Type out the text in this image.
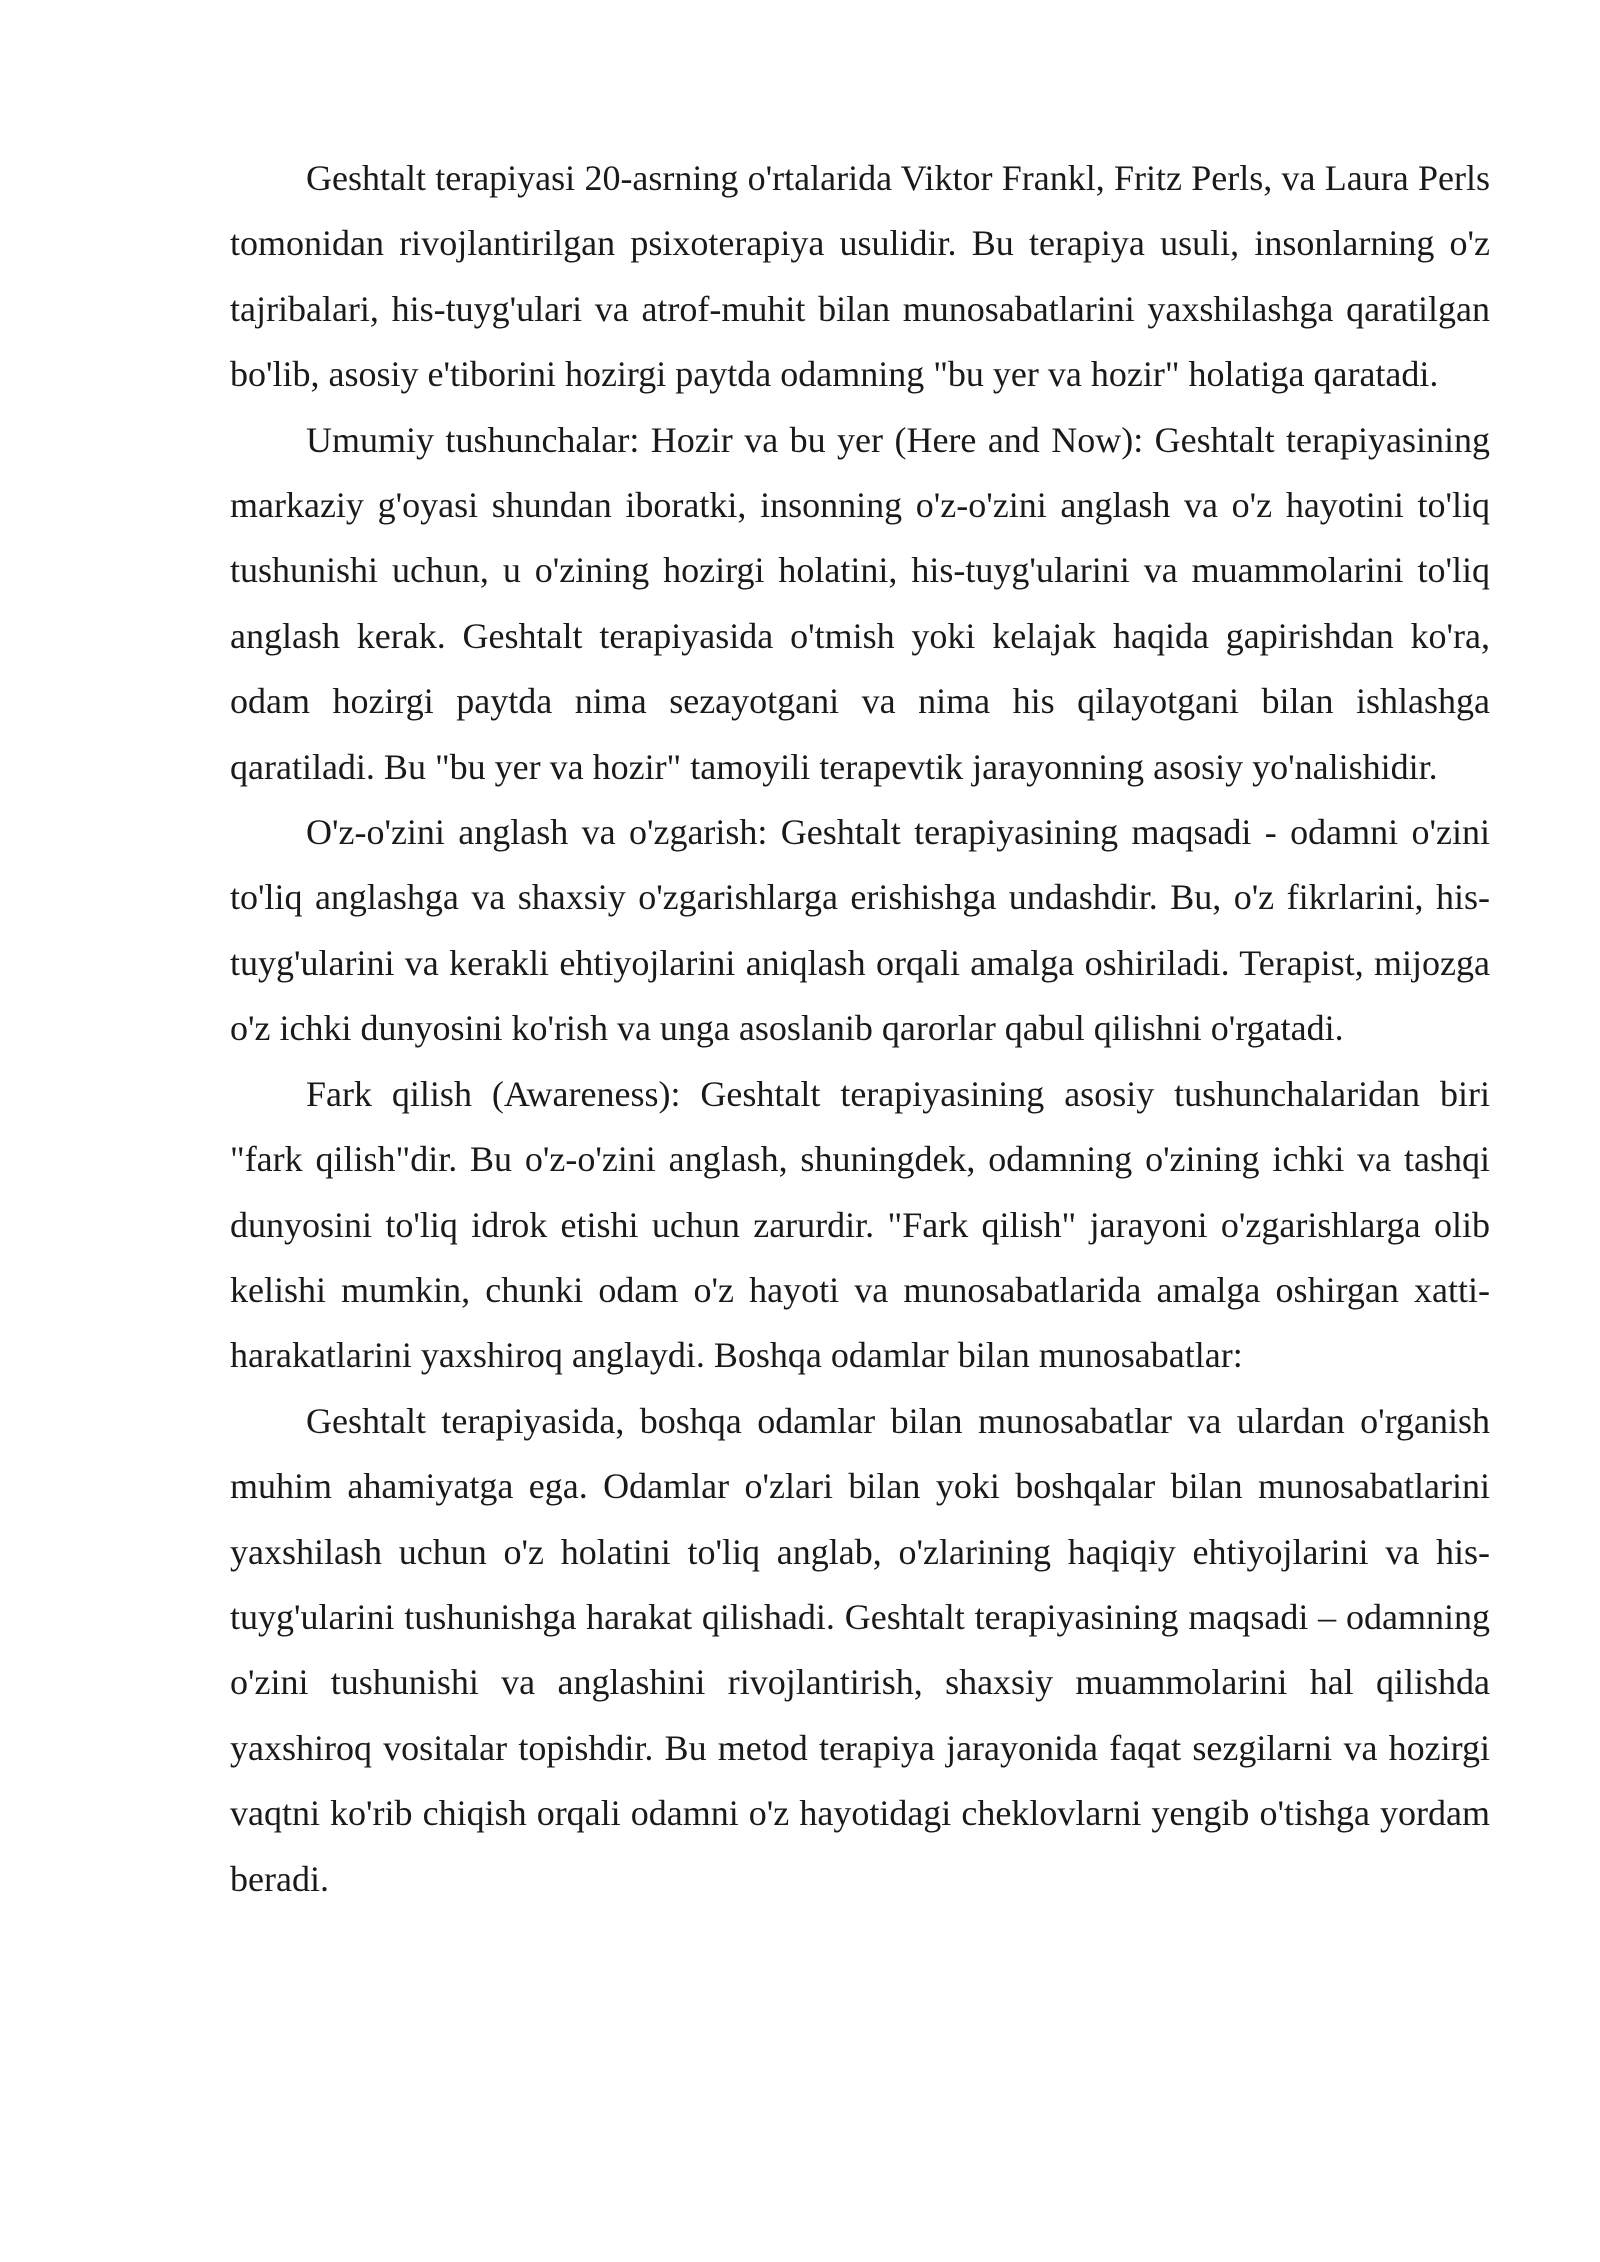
Geshtalt terapiyasi 20-asrning o'rtalarida Viktor Frankl, Fritz Perls, va Laura Perls tomonidan rivojlantirilgan psixoterapiya usulidir. Bu terapiya usuli, insonlarning o'z tajribalari, his-tuyg'ulari va atrof-muhit bilan munosabatlarini yaxshilashga qaratilgan bo'lib, asosiy e'tiborini hozirgi paytda odamning "bu yer va hozir" holatiga qaratadi.

Umumiy tushunchalar: Hozir va bu yer (Here and Now): Geshtalt terapiyasining markaziy g'oyasi shundan iboratki, insonning o'z-o'zini anglash va o'z hayotini to'liq tushunishi uchun, u o'zining hozirgi holatini, his-tuyg'ularini va muammolarini to'liq anglash kerak. Geshtalt terapiyasida o'tmish yoki kelajak haqida gapirishdan ko'ra, odam hozirgi paytda nima sezayotgani va nima his qilayotgani bilan ishlashga qaratiladi. Bu "bu yer va hozir" tamoyili terapevtik jarayonning asosiy yo'nalishidir.

O'z-o'zini anglash va o'zgarish: Geshtalt terapiyasining maqsadi - odamni o'zini to'liq anglashga va shaxsiy o'zgarishlarga erishishga undashdir. Bu, o'z fikrlarini, his-tuyg'ularini va kerakli ehtiyojlarini aniqlash orqali amalga oshiriladi. Terapist, mijozga o'z ichki dunyosini ko'rish va unga asoslanib qarorlar qabul qilishni o'rgatadi.

Fark qilish (Awareness): Geshtalt terapiyasining asosiy tushunchalaridan biri "fark qilish"dir. Bu o'z-o'zini anglash, shuningdek, odamning o'zining ichki va tashqi dunyosini to'liq idrok etishi uchun zarurdir. "Fark qilish" jarayoni o'zgarishlarga olib kelishi mumkin, chunki odam o'z hayoti va munosabatlarida amalga oshirgan xatti-harakatlarini yaxshiroq anglaydi. Boshqa odamlar bilan munosabatlar:

Geshtalt terapiyasida, boshqa odamlar bilan munosabatlar va ulardan o'rganish muhim ahamiyatga ega. Odamlar o'zlari bilan yoki boshqalar bilan munosabatlarini yaxshilash uchun o'z holatini to'liq anglab, o'zlarining haqiqiy ehtiyojlarini va his-tuyg'ularini tushunishga harakat qilishadi. Geshtalt terapiyasining maqsadi – odamning o'zini tushunishi va anglashini rivojlantirish, shaxsiy muammolarini hal qilishda yaxshiroq vositalar topishdir. Bu metod terapiya jarayonida faqat sezgilarni va hozirgi vaqtni ko'rib chiqish orqali odamni o'z hayotidagi cheklovlarni yengib o'tishga yordam beradi.
